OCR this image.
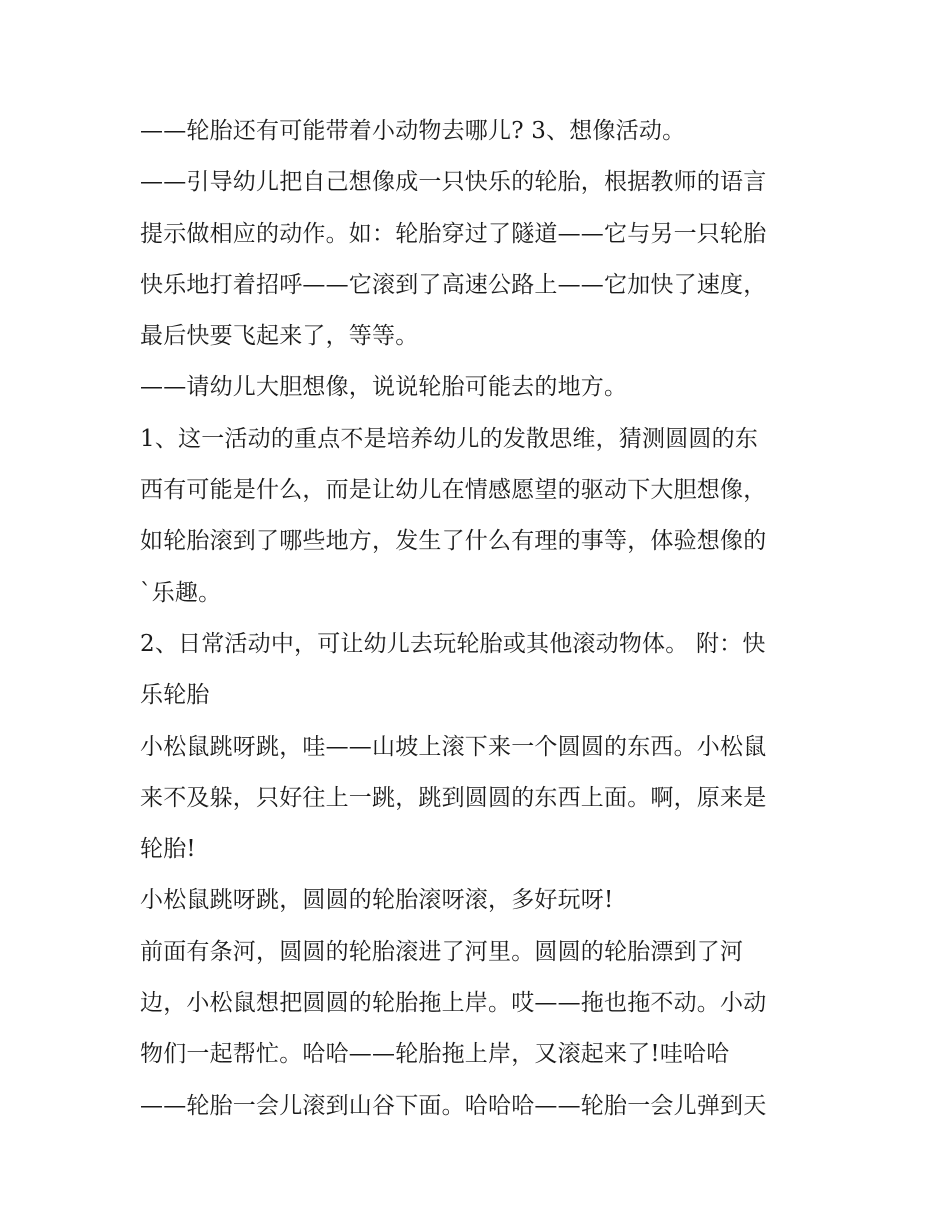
——轮胎还有可能带着小动物去哪儿? 3、想像活动。
——引导幼儿把自己想像成一只快乐的轮胎，根据教师的语言
提示做相应的动作。如：轮胎穿过了隧道——它与另一只轮胎
快乐地打着招呼——它滚到了高速公路上——它加快了速度，
最后快要飞起来了，等等。
——请幼儿大胆想像，说说轮胎可能去的地方。
1、这一活动的重点不是培养幼儿的发散思维，猜测圆圆的东
西有可能是什么，而是让幼儿在情感愿望的驱动下大胆想像，
如轮胎滚到了哪些地方，发生了什么有理的事等，体验想像的
`乐趣。
2、日常活动中，可让幼儿去玩轮胎或其他滚动物体。 附：快
乐轮胎
小松鼠跳呀跳，哇——山坡上滚下来一个圆圆的东西。小松鼠
来不及躲，只好往上一跳，跳到圆圆的东西上面。啊，原来是
轮胎!
小松鼠跳呀跳，圆圆的轮胎滚呀滚，多好玩呀!
前面有条河，圆圆的轮胎滚进了河里。圆圆的轮胎漂到了河
边，小松鼠想把圆圆的轮胎拖上岸。哎——拖也拖不动。小动
物们一起帮忙。哈哈——轮胎拖上岸，又滚起来了!哇哈哈
——轮胎一会儿滚到山谷下面。哈哈哈——轮胎一会儿弹到天
